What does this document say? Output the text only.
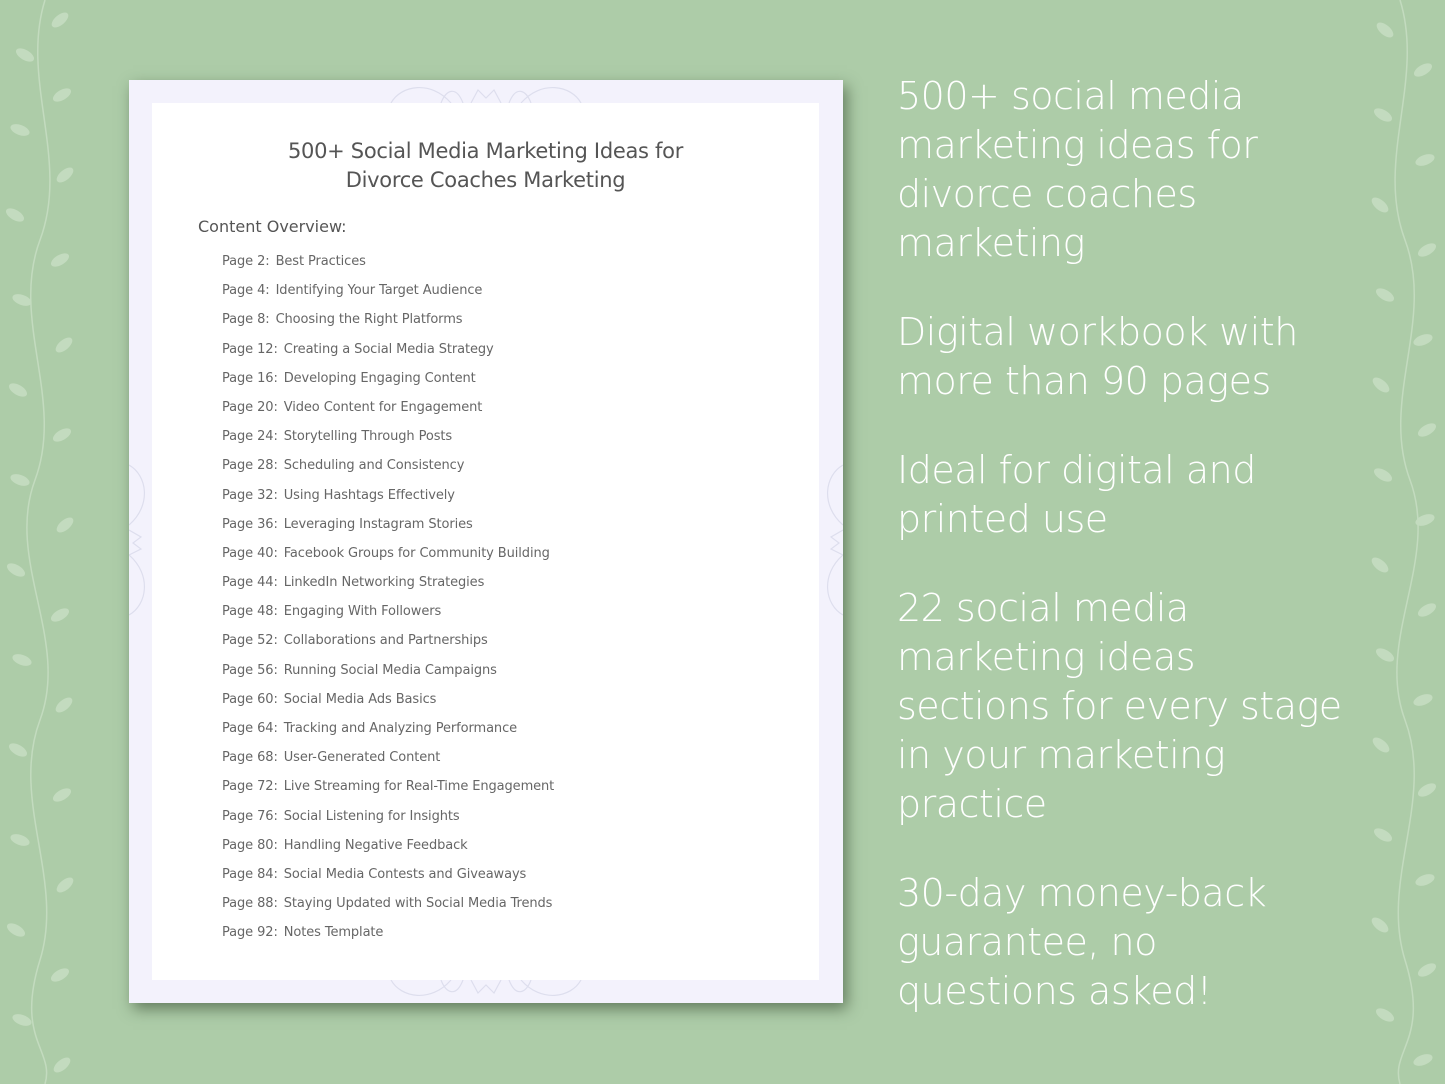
500+ Social Media Marketing Ideas for
Divorce Coaches Marketing
Content Overview:
Page 2: Best Practices
Page 4: Identifying Your Target Audience
Page 8: Choosing the Right Platforms
Page 12: Creating a Social Media Strategy
Page 16: Developing Engaging Content
Page 20: Video Content for Engagement
Page 24: Storytelling Through Posts
Page 28: Scheduling and Consistency
Page 32: Using Hashtags Effectively
Page 36: Leveraging Instagram Stories
Page 40: Facebook Groups for Community Building
Page 44: LinkedIn Networking Strategies
Page 48: Engaging With Followers
Page 52: Collaborations and Partnerships
Page 56: Running Social Media Campaigns
Page 60: Social Media Ads Basics
Page 64: Tracking and Analyzing Performance
Page 68: User-Generated Content
Page 72: Live Streaming for Real-Time Engagement
Page 76: Social Listening for Insights
Page 80: Handling Negative Feedback
Page 84: Social Media Contests and Giveaways
Page 88: Staying Updated with Social Media Trends
Page 92: Notes Template
500+ social media
marketing ideas for
divorce coaches
marketing
Digital workbook with
more than 90 pages
Ideal for digital and
printed use
22 social media
marketing ideas
sections for every stage
in your marketing
practice
30-day money-back
guarantee, no
questions asked!
